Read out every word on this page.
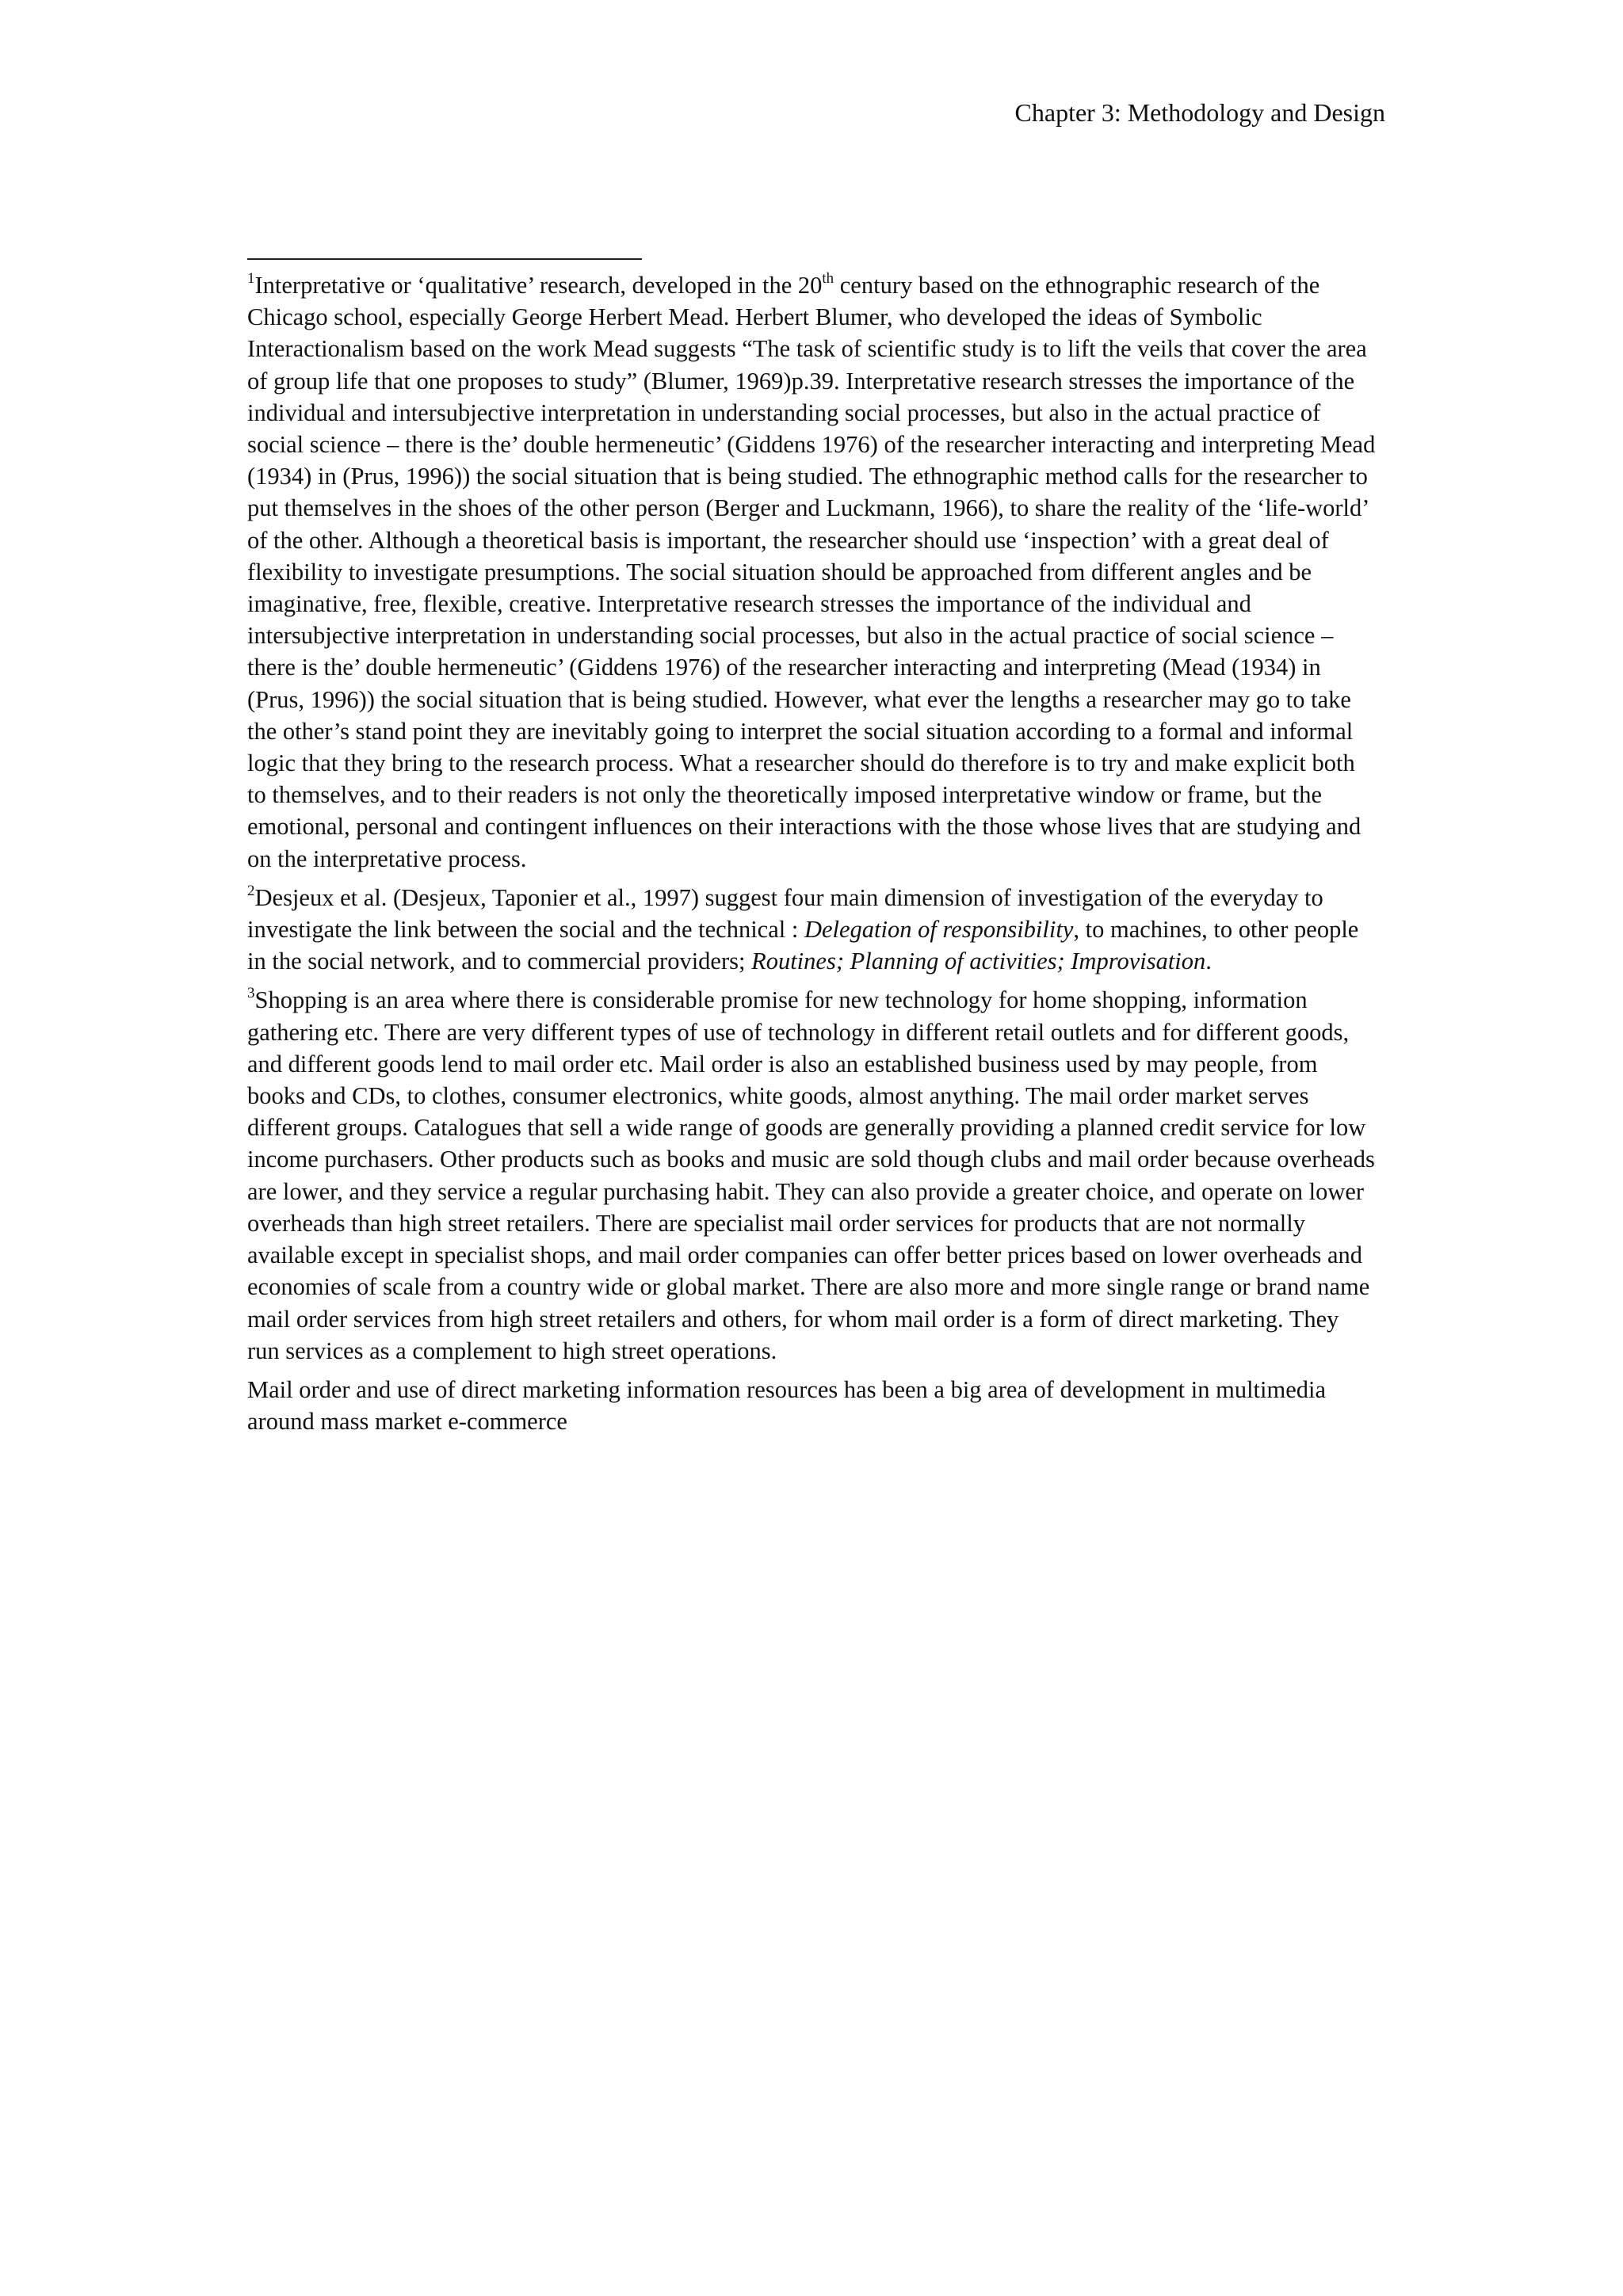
Chapter 3: Methodology and Design

$^1$Interpretative or ‘qualitative’ research, developed in the 20th century based on the ethnographic research of the Chicago school, especially George Herbert Mead. Herbert Blumer, who developed the ideas of Symbolic Interactionalism based on the work Mead suggests “The task of scientific study is to lift the veils that cover the area of group life that one proposes to study” (Blumer, 1969)p.39. Interpretative research stresses the importance of the individual and intersubjective interpretation in understanding social processes, but also in the actual practice of social science – there is the’ double hermeneutic’ (Giddens 1976) of the researcher interacting and interpreting Mead (1934) in (Prus, 1996)) the social situation that is being studied. The ethnographic method calls for the researcher to put themselves in the shoes of the other person (Berger and Luckmann, 1966), to share the reality of the ‘life-world’ of the other. Although a theoretical basis is important, the researcher should use ‘inspection’ with a great deal of flexibility to investigate presumptions. The social situation should be approached from different angles and be imaginative, free, flexible, creative. Interpretative research stresses the importance of the individual and intersubjective interpretation in understanding social processes, but also in the actual practice of social science – there is the’ double hermeneutic’ (Giddens 1976) of the researcher interacting and interpreting (Mead (1934) in (Prus, 1996)) the social situation that is being studied. However, what ever the lengths a researcher may go to take the other’s stand point they are inevitably going to interpret the social situation according to a formal and informal logic that they bring to the research process. What a researcher should do therefore is to try and make explicit both to themselves, and to their readers is not only the theoretically imposed interpretative window or frame, but the emotional, personal and contingent influences on their interactions with the those whose lives that are studying and on the interpretative process.

$^2$Desjeux et al. (Desjeux, Taponier et al., 1997) suggest four main dimension of investigation of the everyday to investigate the link between the social and the technical : Delegation of responsibility, to machines, to other people in the social network, and to commercial providers; Routines; Planning of activities; Improvisation.

$^3$Shopping is an area where there is considerable promise for new technology for home shopping, information gathering etc. There are very different types of use of technology in different retail outlets and for different goods, and different goods lend to mail order etc. Mail order is also an established business used by may people, from books and CDs, to clothes, consumer electronics, white goods, almost anything. The mail order market serves different groups. Catalogues that sell a wide range of goods are generally providing a planned credit service for low income purchasers. Other products such as books and music are sold though clubs and mail order because overheads are lower, and they service a regular purchasing habit. They can also provide a greater choice, and operate on lower overheads than high street retailers. There are specialist mail order services for products that are not normally available except in specialist shops, and mail order companies can offer better prices based on lower overheads and economies of scale from a country wide or global market. There are also more and more single range or brand name mail order services from high street retailers and others, for whom mail order is a form of direct marketing. They run services as a complement to high street operations.

Mail order and use of direct marketing information resources has been a big area of development in multimedia around mass market e-commerce
